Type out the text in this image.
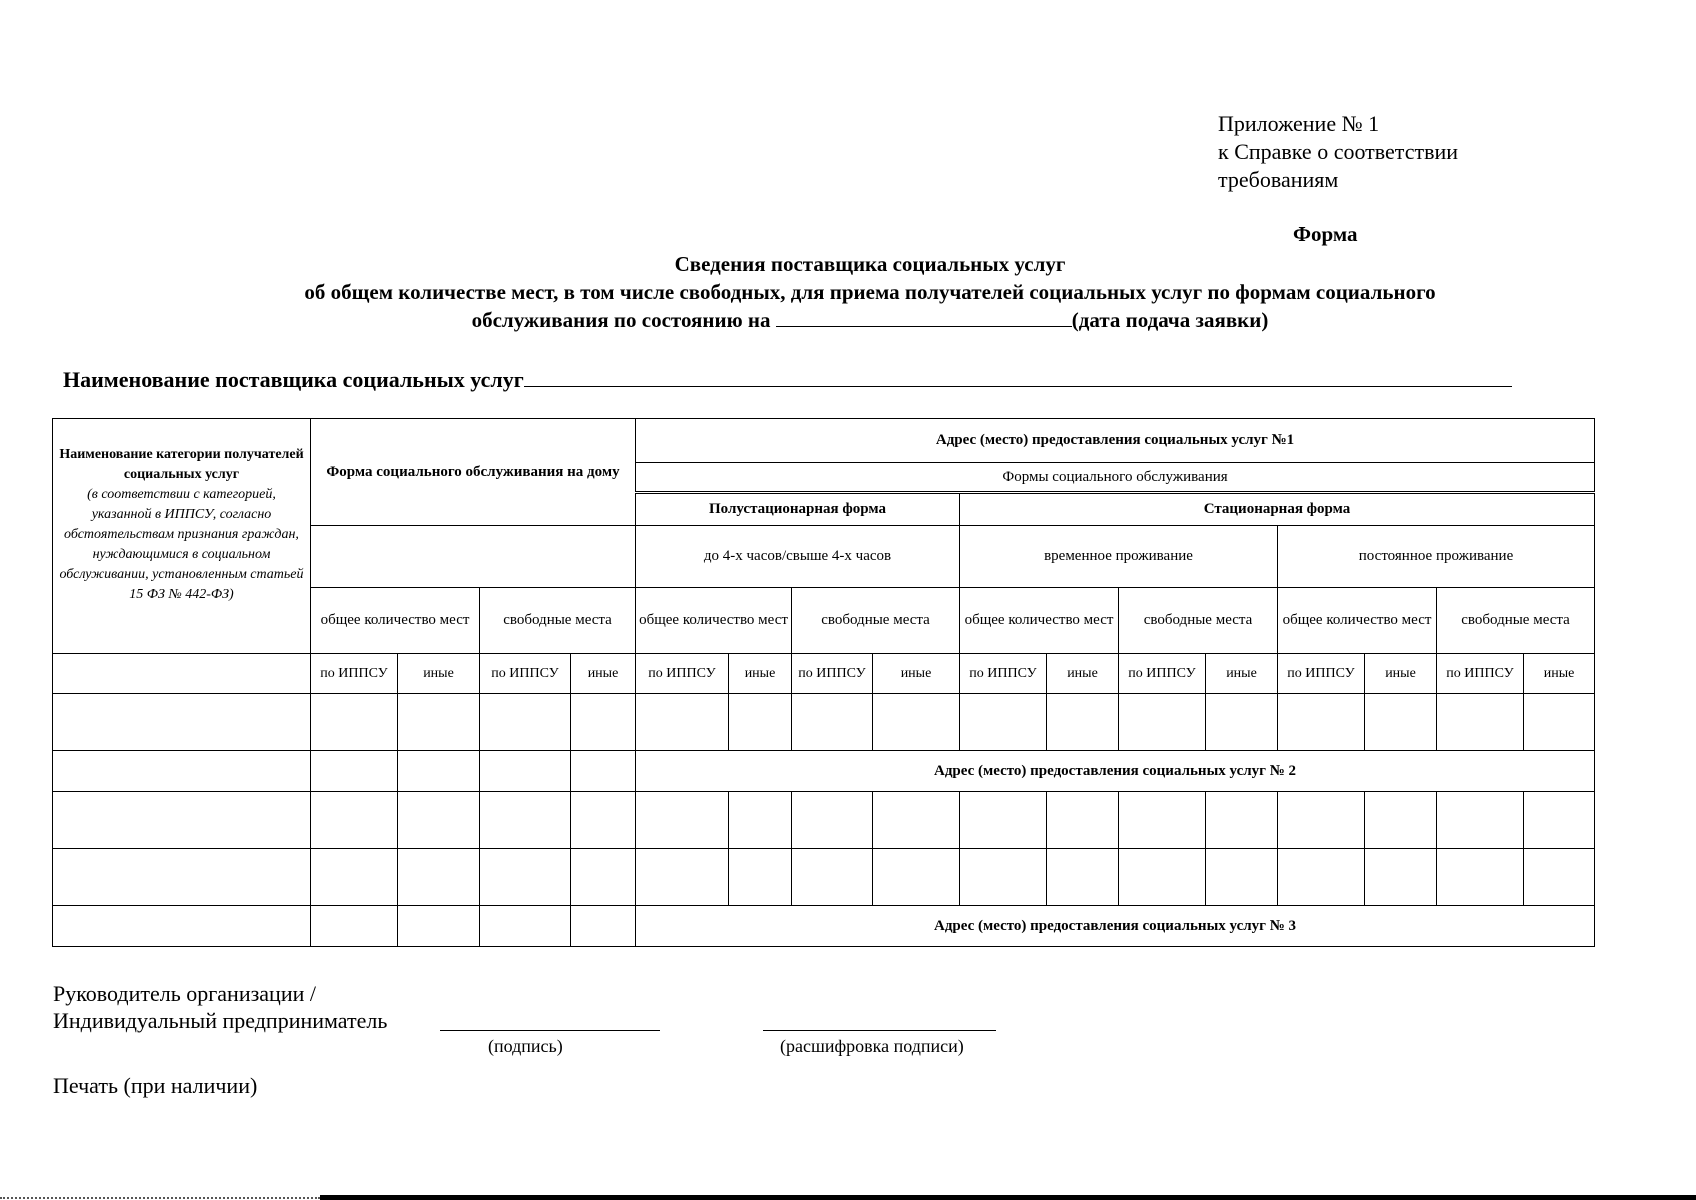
Приложение № 1
к Справке о соответствии
требованиям
Форма
Сведения поставщика социальных услуг
об общем количестве мест, в том числе свободных, для приема получателей социальных услуг по формам социального
обслуживания по состоянию на	(дата подача заявки)
Наименование поставщика социальных услуг
Наименование категории получателей социальных услуг
(в соответствии с категорией, указанной в ИППСУ, согласно обстоятельствам признания граждан, нуждающимися в социальном обслуживании, установленным статьей 15 ФЗ № 442-ФЗ)	Форма социального обслуживания на дому				Адрес (место) предоставления социальных услуг №1											
					Формы социального обслуживания											
					Полустационарная форма				Стационарная форма							
					до 4-х часов/свыше 4-х часов				временное проживание				постоянное проживание			
	общее количество мест		свободные места		общее количество мест		свободные места		общее количество мест		свободные места		общее количество мест		свободные места	
	по ИППСУ	иные	по ИППСУ	иные	по ИППСУ	иные	по ИППСУ	иные	по ИППСУ	иные	по ИППСУ	иные	по ИППСУ	иные	по ИППСУ	иные

					Адрес (место) предоставления социальных услуг № 2											

					Адрес (место) предоставления социальных услуг № 3											
Руководитель организации /
Индивидуальный предприниматель
(подпись)	(расшифровка подписи)
Печать (при наличии)
